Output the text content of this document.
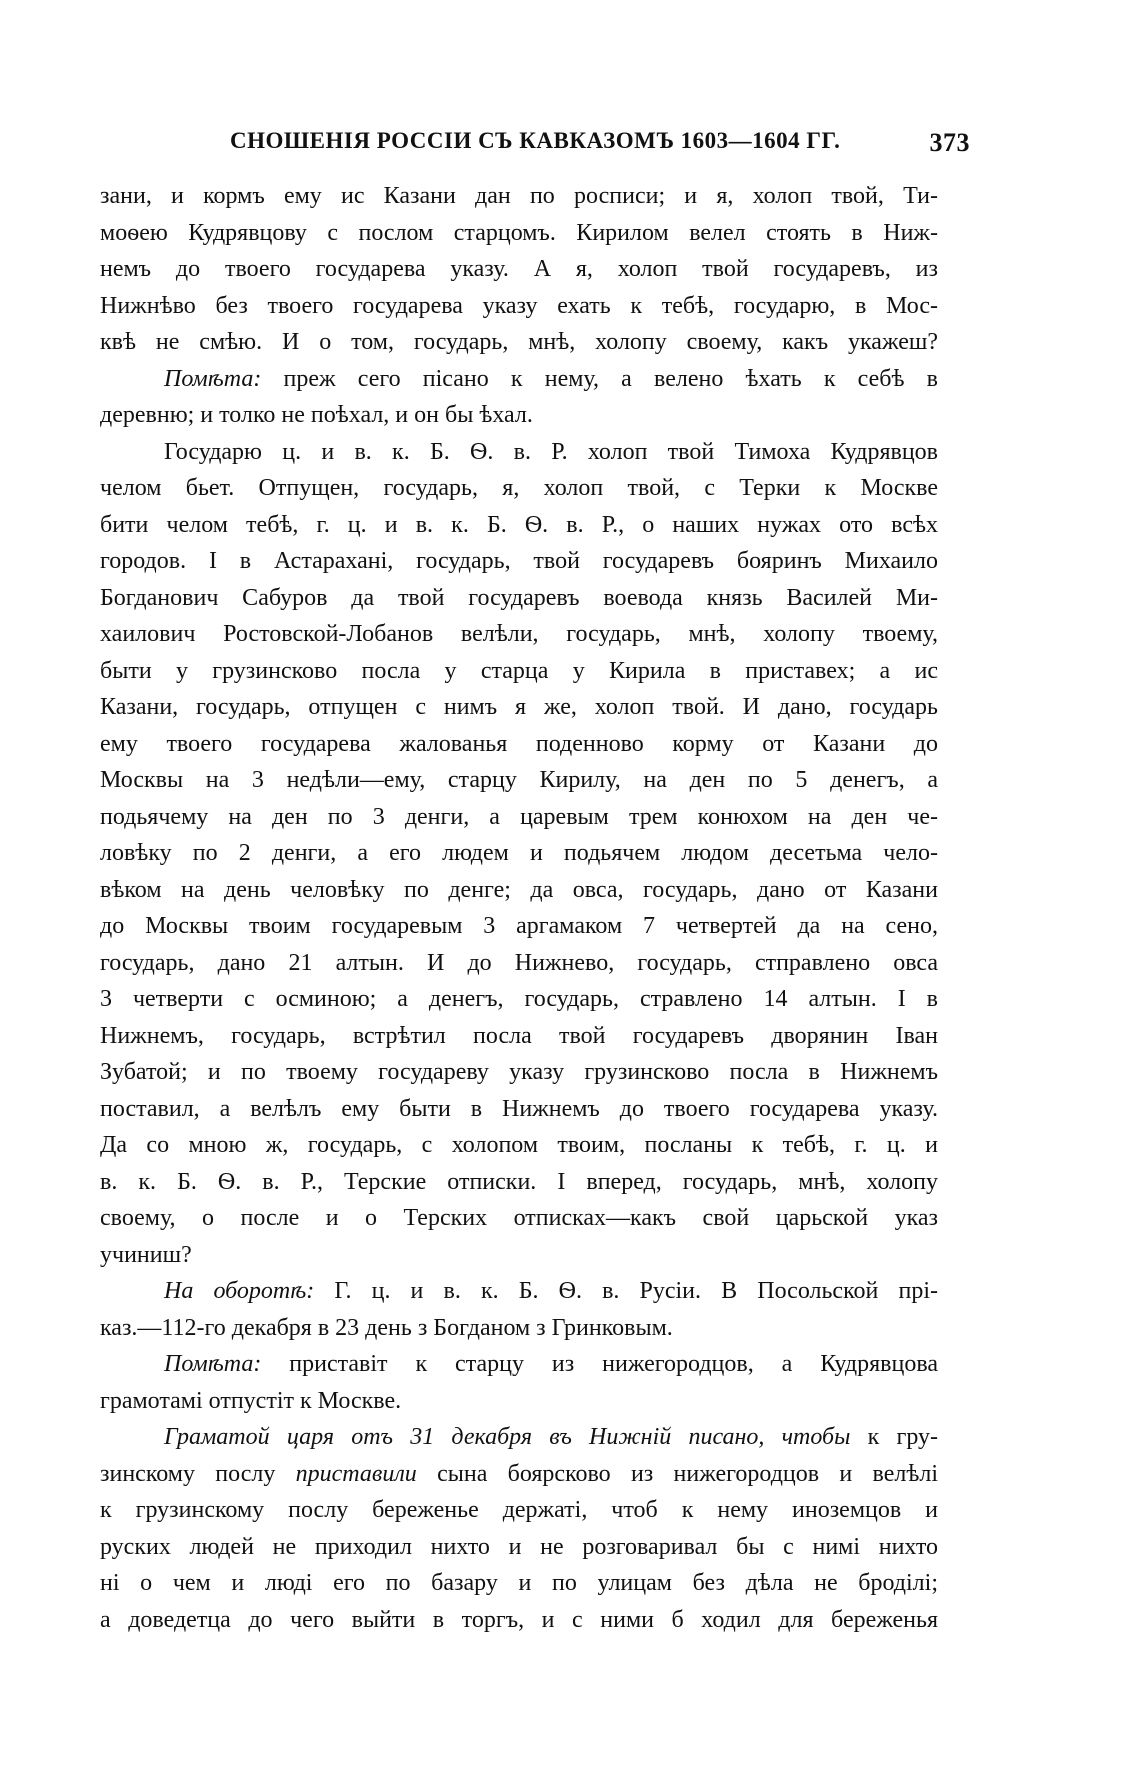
СНОШЕНІЯ РОССІИ СЪ КАВКАЗОМЪ 1603—1604 ГГ.	373
зани, и кормъ ему ис Казани дан по росписи; и я, холоп твой, Ти-
моѳею Кудрявцову с послом старцомъ. Кирилом велел стоять в Ниж-
немъ до твоего государева указу. А я, холоп твой государевъ, из
Нижнѣво без твоего государева указу ехать к тебѣ, государю, в Мос-
квѣ не смѣю. И о том, государь, мнѣ, холопу своему, какъ укажеш?
Помѣта: преж сего пісано к нему, а велено ѣхать к себѣ в
деревню; и толко не поѣхал, и он бы ѣхал.
Государю ц. и в. к. Б. Ѳ. в. Р. холоп твой Тимоха Кудрявцов
челом бьет. Отпущен, государь, я, холоп твой, с Терки к Москве
бити челом тебѣ, г. ц. и в. к. Б. Ѳ. в. Р., о наших нужах ото всѣх
городов. І в Астарахані, государь, твой государевъ бояринъ Михаило
Богданович Сабуров да твой государевъ воевода князь Василей Ми-
хаилович Ростовской-Лобанов велѣли, государь, мнѣ, холопу твоему,
быти у грузинсково посла у старца у Кирила в приставех; а ис
Казани, государь, отпущен с нимъ я же, холоп твой. И дано, государь
ему твоего государева жалованья поденново корму от Казани до
Москвы на 3 недѣли—ему, старцу Кирилу, на ден по 5 денегъ, а
подьячему на ден по 3 денги, а царевым трем конюхом на ден че-
ловѣку по 2 денги, а его людем и подьячем людом десетьма чело-
вѣком на день человѣку по денге; да овса, государь, дано от Казани
до Москвы твоим государевым 3 аргамаком 7 четвертей да на сено,
государь, дано 21 алтын. И до Нижнево, государь, стправлено овса
3 четверти с осминою; а денегъ, государь, стравлено 14 алтын. І в
Нижнемъ, государь, встрѣтил посла твой государевъ дворянин Іван
Зубатой; и по твоему государеву указу грузинсково посла в Нижнемъ
поставил, а велѣлъ ему быти в Нижнемъ до твоего государева указу.
Да со мною ж, государь, с холопом твоим, посланы к тебѣ, г. ц. и
в. к. Б. Ѳ. в. Р., Терские отписки. І вперед, государь, мнѣ, холопу
своему, о после и о Терских отписках—какъ свой царьской указ
учиниш?
На оборотѣ: Г. ц. и в. к. Б. Ѳ. в. Русіи. В Посольской прі-
каз.—112-го декабря в 23 день з Богданом з Гринковым.
Помѣта: приставіт к старцу из нижегородцов, а Кудрявцова
грамотамі отпустіт к Москве.
Граматой царя отъ 31 декабря въ Нижній писано, чтобы к гру-
зинскому послу приставили сына боярсково из нижегородцов и велѣлі
к грузинскому послу береженье держаті, чтоб к нему иноземцов и
руских людей не приходил нихто и не розговаривал бы с нимі нихто
ні о чем и люді его по базару и по улицам без дѣла не броділі;
а доведетца до чего выйти в торгъ, и с ними б ходил для береженья
